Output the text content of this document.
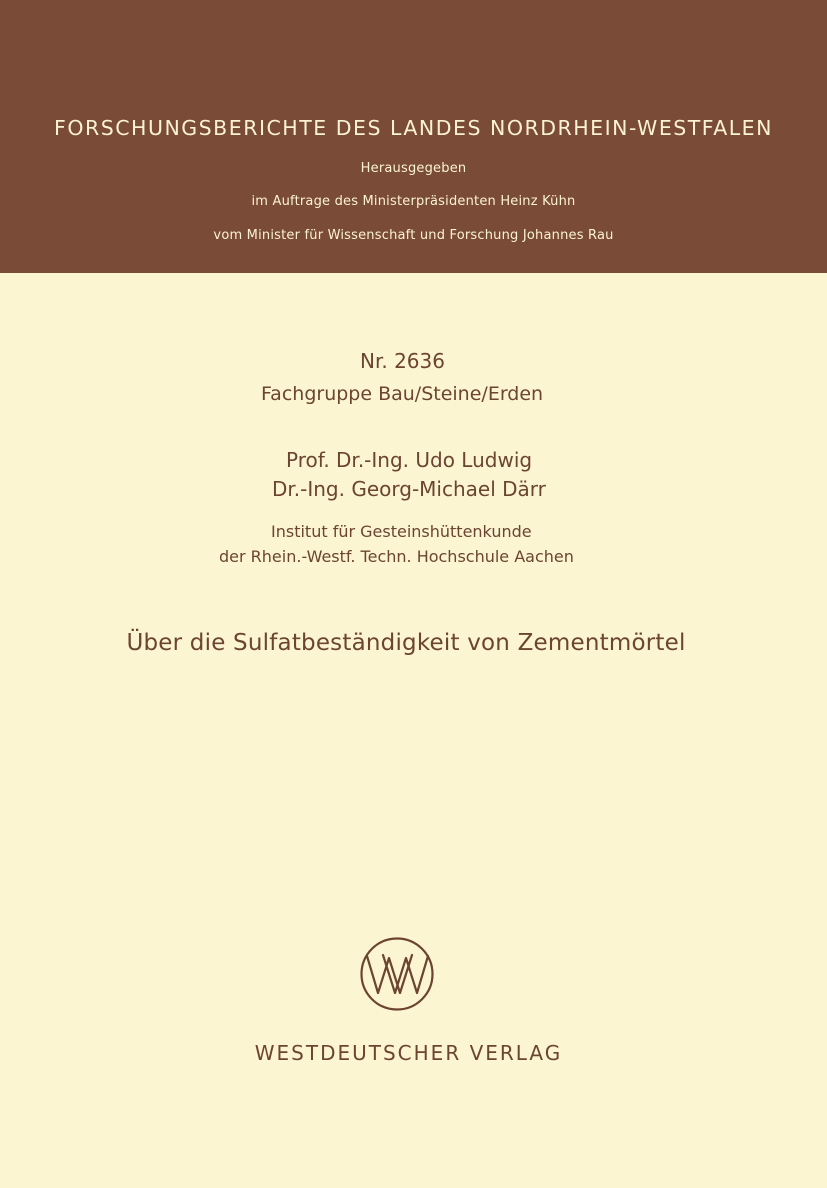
FORSCHUNGSBERICHTE DES LANDES NORDRHEIN-WESTFALEN
Herausgegeben
im Auftrage des Ministerpräsidenten Heinz Kühn
vom Minister für Wissenschaft und Forschung Johannes Rau
Nr. 2636
Fachgruppe Bau/Steine/Erden
Prof. Dr.-Ing. Udo Ludwig
Dr.-Ing. Georg-Michael Därr
Institut für Gesteinshüttenkunde
der Rhein.-Westf. Techn. Hochschule Aachen
Über die Sulfatbeständigkeit von Zementmörtel
WESTDEUTSCHER VERLAG
